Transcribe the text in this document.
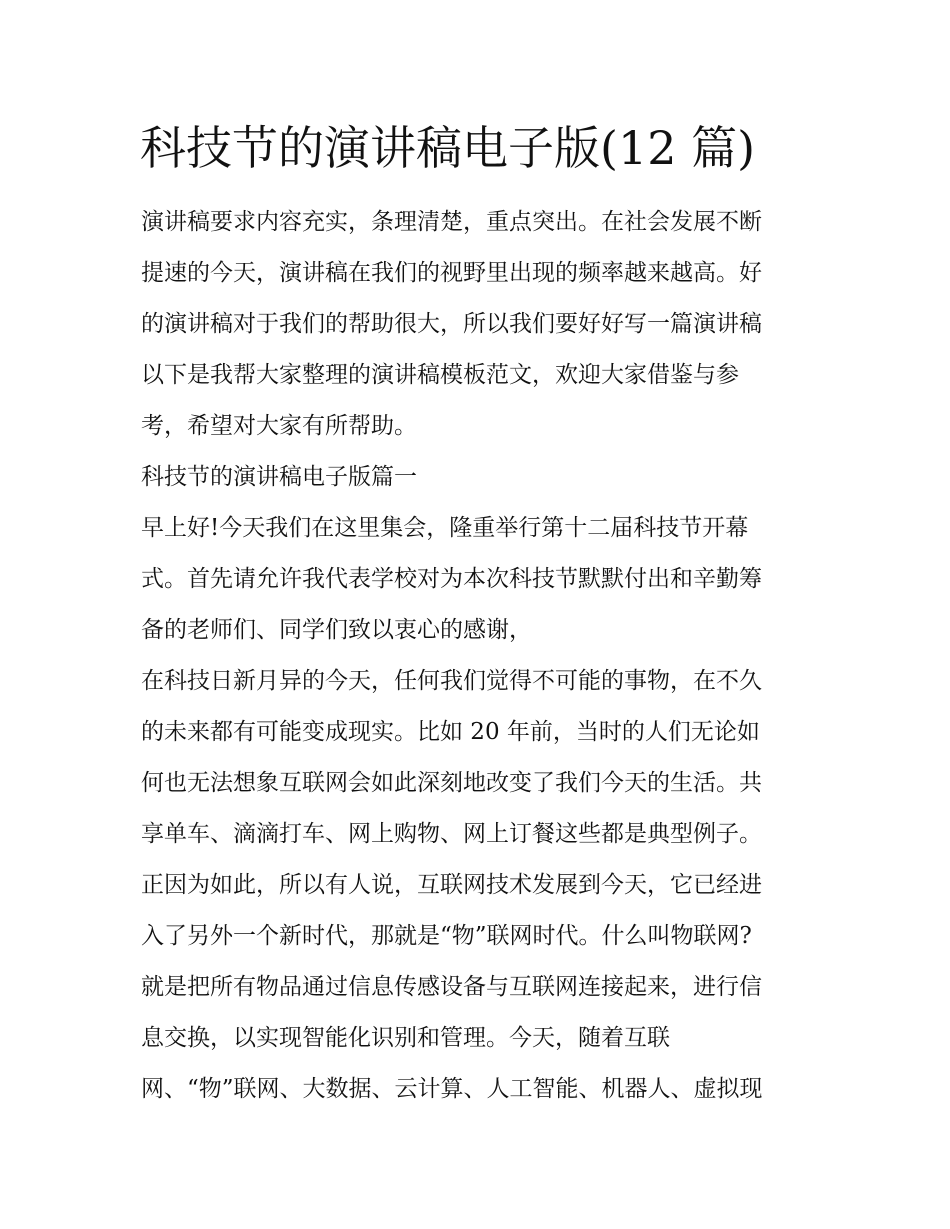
科技节的演讲稿电子版(12 篇)
演讲稿要求内容充实，条理清楚，重点突出。在社会发展不断
提速的今天，演讲稿在我们的视野里出现的频率越来越高。好
的演讲稿对于我们的帮助很大，所以我们要好好写一篇演讲稿
以下是我帮大家整理的演讲稿模板范文，欢迎大家借鉴与参
考，希望对大家有所帮助。
科技节的演讲稿电子版篇一
早上好!今天我们在这里集会，隆重举行第十二届科技节开幕
式。首先请允许我代表学校对为本次科技节默默付出和辛勤筹
备的老师们、同学们致以衷心的感谢，
在科技日新月异的今天，任何我们觉得不可能的事物，在不久
的未来都有可能变成现实。比如 20 年前，当时的人们无论如
何也无法想象互联网会如此深刻地改变了我们今天的生活。共
享单车、滴滴打车、网上购物、网上订餐这些都是典型例子。
正因为如此，所以有人说，互联网技术发展到今天，它已经进
入了另外一个新时代，那就是“物”联网时代。什么叫物联网?
就是把所有物品通过信息传感设备与互联网连接起来，进行信
息交换，以实现智能化识别和管理。今天，随着互联
网、“物”联网、大数据、云计算、人工智能、机器人、虚拟现
